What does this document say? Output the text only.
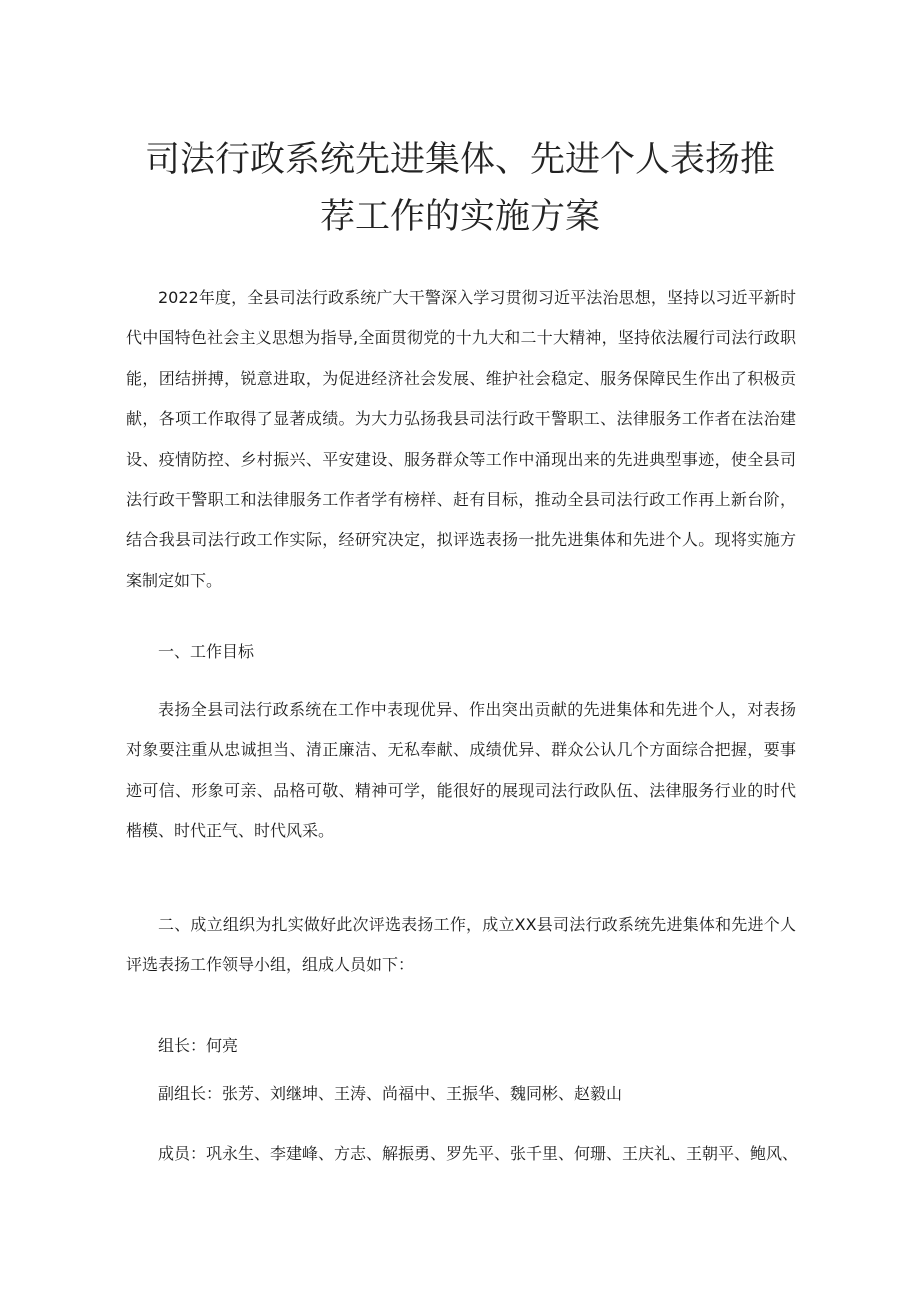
司法行政系统先进集体、先进个人表扬推
荐工作的实施方案

2022年度，全县司法行政系统广大干警深入学习贯彻习近平法治思想，坚持以习近平新时代中国特色社会主义思想为指导,全面贯彻党的十九大和二十大精神，坚持依法履行司法行政职能，团结拼搏，锐意进取，为促进经济社会发展、维护社会稳定、服务保障民生作出了积极贡献，各项工作取得了显著成绩。为大力弘扬我县司法行政干警职工、法律服务工作者在法治建设、疫情防控、乡村振兴、平安建设、服务群众等工作中涌现出来的先进典型事迹，使全县司法行政干警职工和法律服务工作者学有榜样、赶有目标，推动全县司法行政工作再上新台阶，结合我县司法行政工作实际，经研究决定，拟评选表扬一批先进集体和先进个人。现将实施方案制定如下。

一、工作目标

表扬全县司法行政系统在工作中表现优异、作出突出贡献的先进集体和先进个人，对表扬对象要注重从忠诚担当、清正廉洁、无私奉献、成绩优异、群众公认几个方面综合把握，要事迹可信、形象可亲、品格可敬、精神可学，能很好的展现司法行政队伍、法律服务行业的时代楷模、时代正气、时代风采。

二、成立组织为扎实做好此次评选表扬工作，成立XX县司法行政系统先进集体和先进个人评选表扬工作领导小组，组成人员如下：

组长：何亮

副组长：张芳、刘继坤、王涛、尚福中、王振华、魏同彬、赵毅山

成员：巩永生、李建峰、方志、解振勇、罗先平、张千里、何珊、王庆礼、王朝平、鲍风、
